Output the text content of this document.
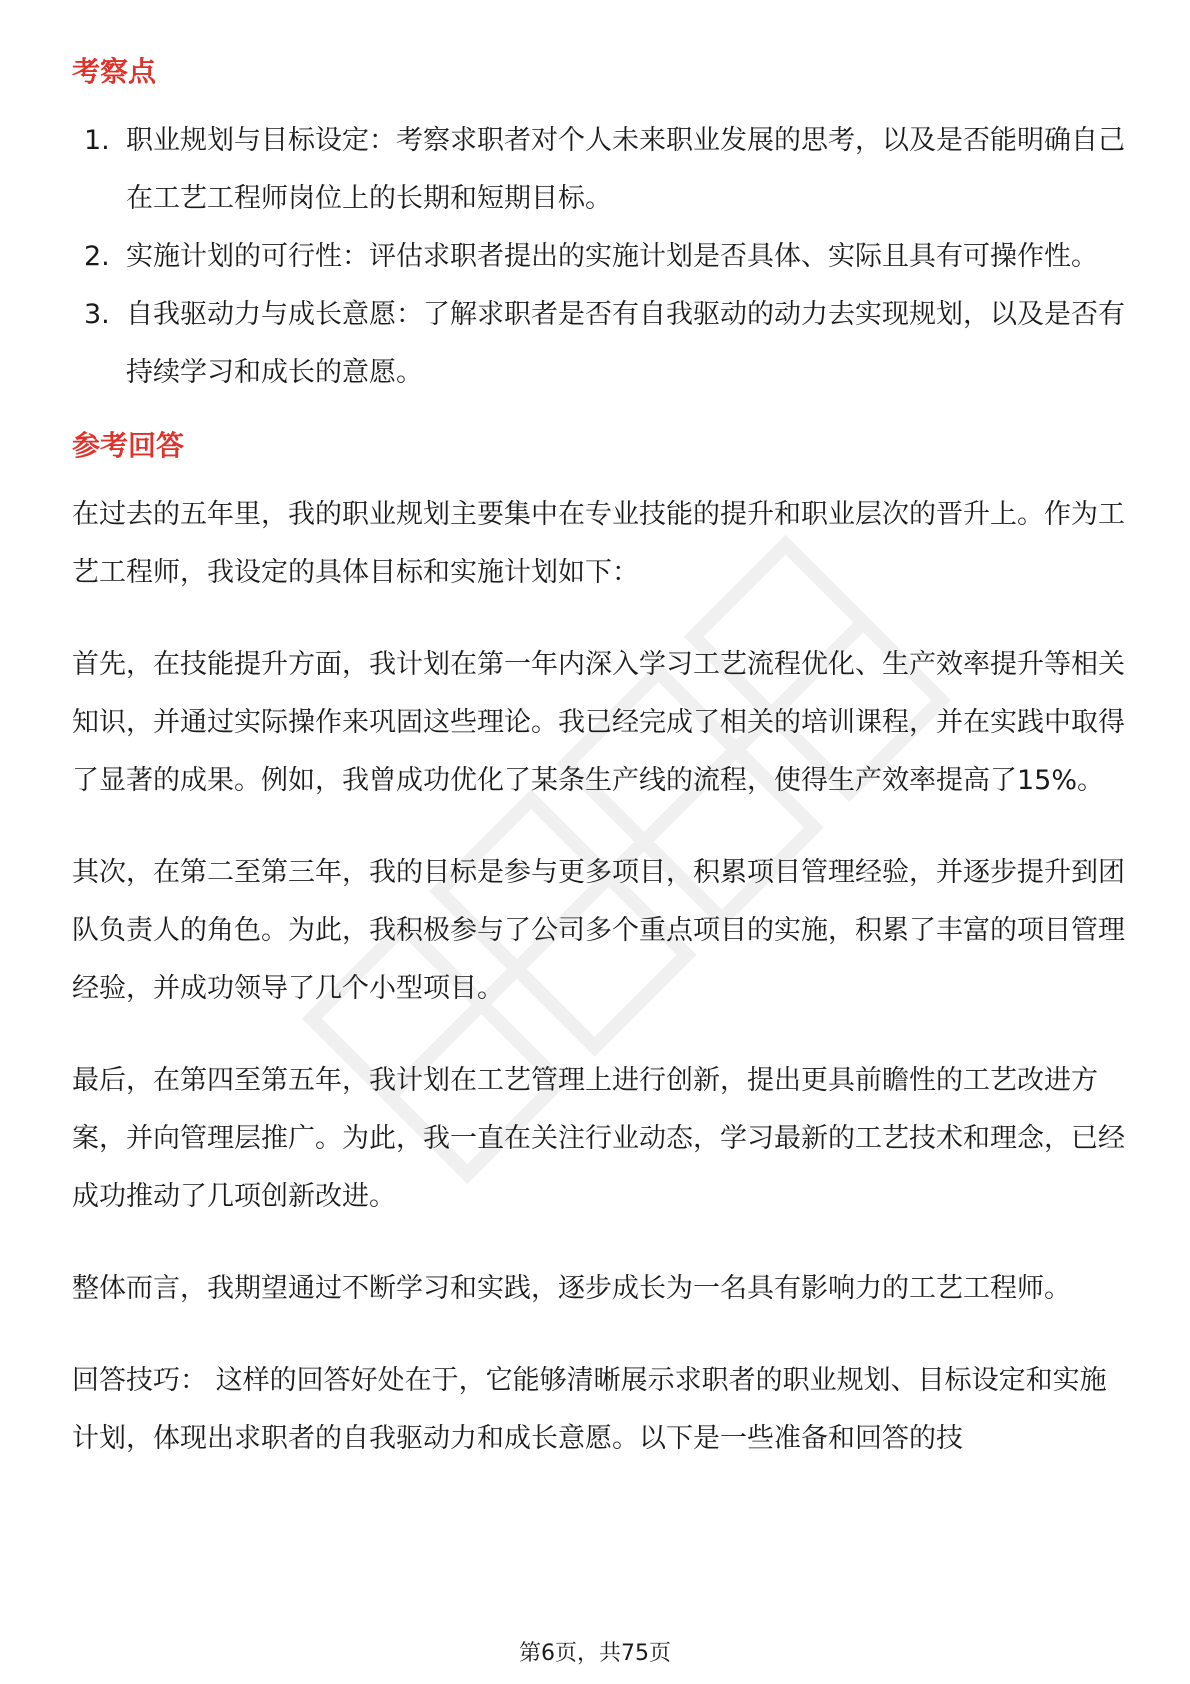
考察点
1. 职业规划与目标设定：考察求职者对个人未来职业发展的思考，以及是否能明确自己在工艺工程师岗位上的长期和短期目标。
2. 实施计划的可行性：评估求职者提出的实施计划是否具体、实际且具有可操作性。
3. 自我驱动力与成长意愿：了解求职者是否有自我驱动的动力去实现规划，以及是否有持续学习和成长的意愿。
参考回答

在过去的五年里，我的职业规划主要集中在专业技能的提升和职业层次的晋升上。作为工艺工程师，我设定的具体目标和实施计划如下：

首先，在技能提升方面，我计划在第一年内深入学习工艺流程优化、生产效率提升等相关知识，并通过实际操作来巩固这些理论。我已经完成了相关的培训课程，并在实践中取得了显著的成果。例如，我曾成功优化了某条生产线的流程，使得生产效率提高了15%。

其次，在第二至第三年，我的目标是参与更多项目，积累项目管理经验，并逐步提升到团队负责人的角色。为此，我积极参与了公司多个重点项目的实施，积累了丰富的项目管理经验，并成功领导了几个小型项目。

最后，在第四至第五年，我计划在工艺管理上进行创新，提出更具前瞻性的工艺改进方案，并向管理层推广。为此，我一直在关注行业动态，学习最新的工艺技术和理念，已经成功推动了几项创新改进。

整体而言，我期望通过不断学习和实践，逐步成长为一名具有影响力的工艺工程师。

回答技巧： 这样的回答好处在于，它能够清晰展示求职者的职业规划、目标设定和实施计划，体现出求职者的自我驱动力和成长意愿。以下是一些准备和回答的技

第6页，共75页
